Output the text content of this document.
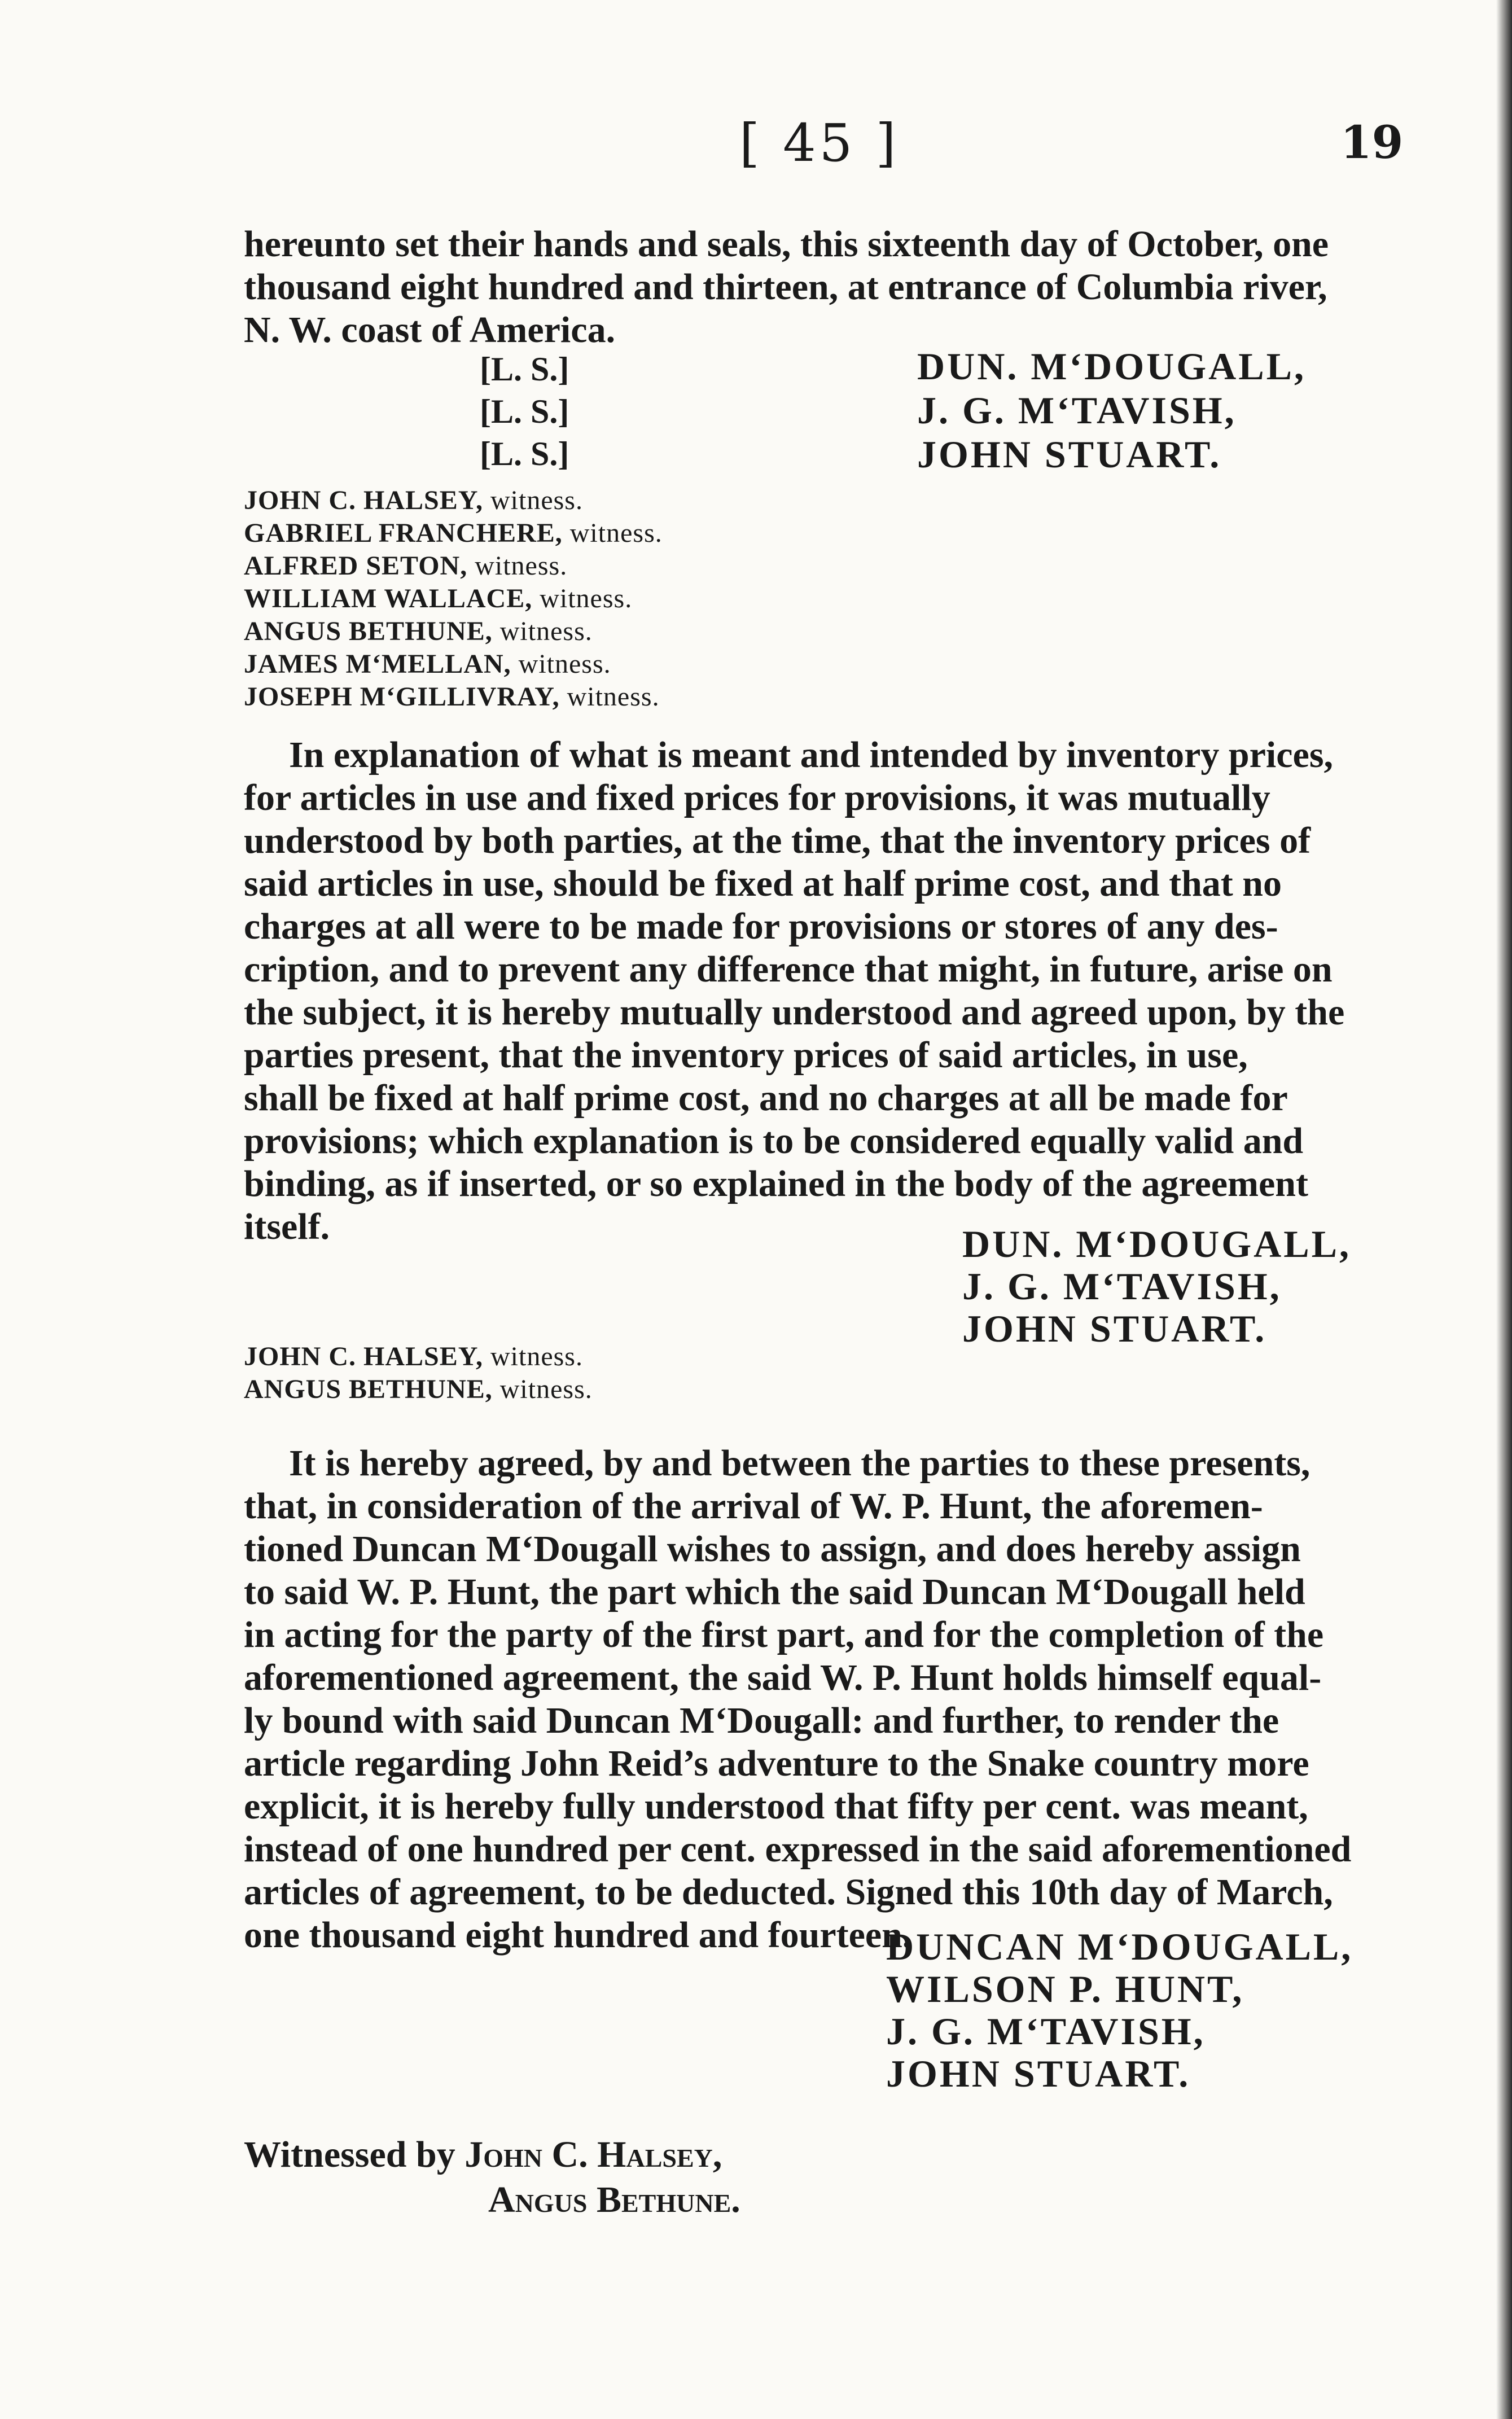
[ 45 ]	19
hereunto set their hands and seals, this sixteenth day of October, one
thousand eight hundred and thirteen, at entrance of Columbia river,
N. W. coast of America.
[L. S.]
[L. S.]
[L. S.]
DUN. M‘DOUGALL,
J. G. M‘TAVISH,
JOHN STUART.
JOHN C. HALSEY, witness.
GABRIEL FRANCHERE, witness.
ALFRED SETON, witness.
WILLIAM WALLACE, witness.
ANGUS BETHUNE, witness.
JAMES M‘MELLAN, witness.
JOSEPH M‘GILLIVRAY, witness.
In explanation of what is meant and intended by inventory prices,
for articles in use and fixed prices for provisions, it was mutually
understood by both parties, at the time, that the inventory prices of
said articles in use, should be fixed at half prime cost, and that no
charges at all were to be made for provisions or stores of any des-
cription, and to prevent any difference that might, in future, arise on
the subject, it is hereby mutually understood and agreed upon, by the
parties present, that the inventory prices of said articles, in use,
shall be fixed at half prime cost, and no charges at all be made for
provisions; which explanation is to be considered equally valid and
binding, as if inserted, or so explained in the body of the agreement
itself.	DUN. M‘DOUGALL,
J. G. M‘TAVISH,
JOHN STUART.
JOHN C. HALSEY, witness.
ANGUS BETHUNE, witness.
It is hereby agreed, by and between the parties to these presents,
that, in consideration of the arrival of W. P. Hunt, the aforemen-
tioned Duncan M‘Dougall wishes to assign, and does hereby assign
to said W. P. Hunt, the part which the said Duncan M‘Dougall held
in acting for the party of the first part, and for the completion of the
aforementioned agreement, the said W. P. Hunt holds himself equal-
ly bound with said Duncan M‘Dougall: and further, to render the
article regarding John Reid’s adventure to the Snake country more
explicit, it is hereby fully understood that fifty per cent. was meant,
instead of one hundred per cent. expressed in the said aforementioned
articles of agreement, to be deducted. Signed this 10th day of March,
one thousand eight hundred and fourteen.
DUNCAN M‘DOUGALL,
WILSON P. HUNT,
J. G. M‘TAVISH,
JOHN STUART.
Witnessed by John C. Halsey,
Angus Bethune.
